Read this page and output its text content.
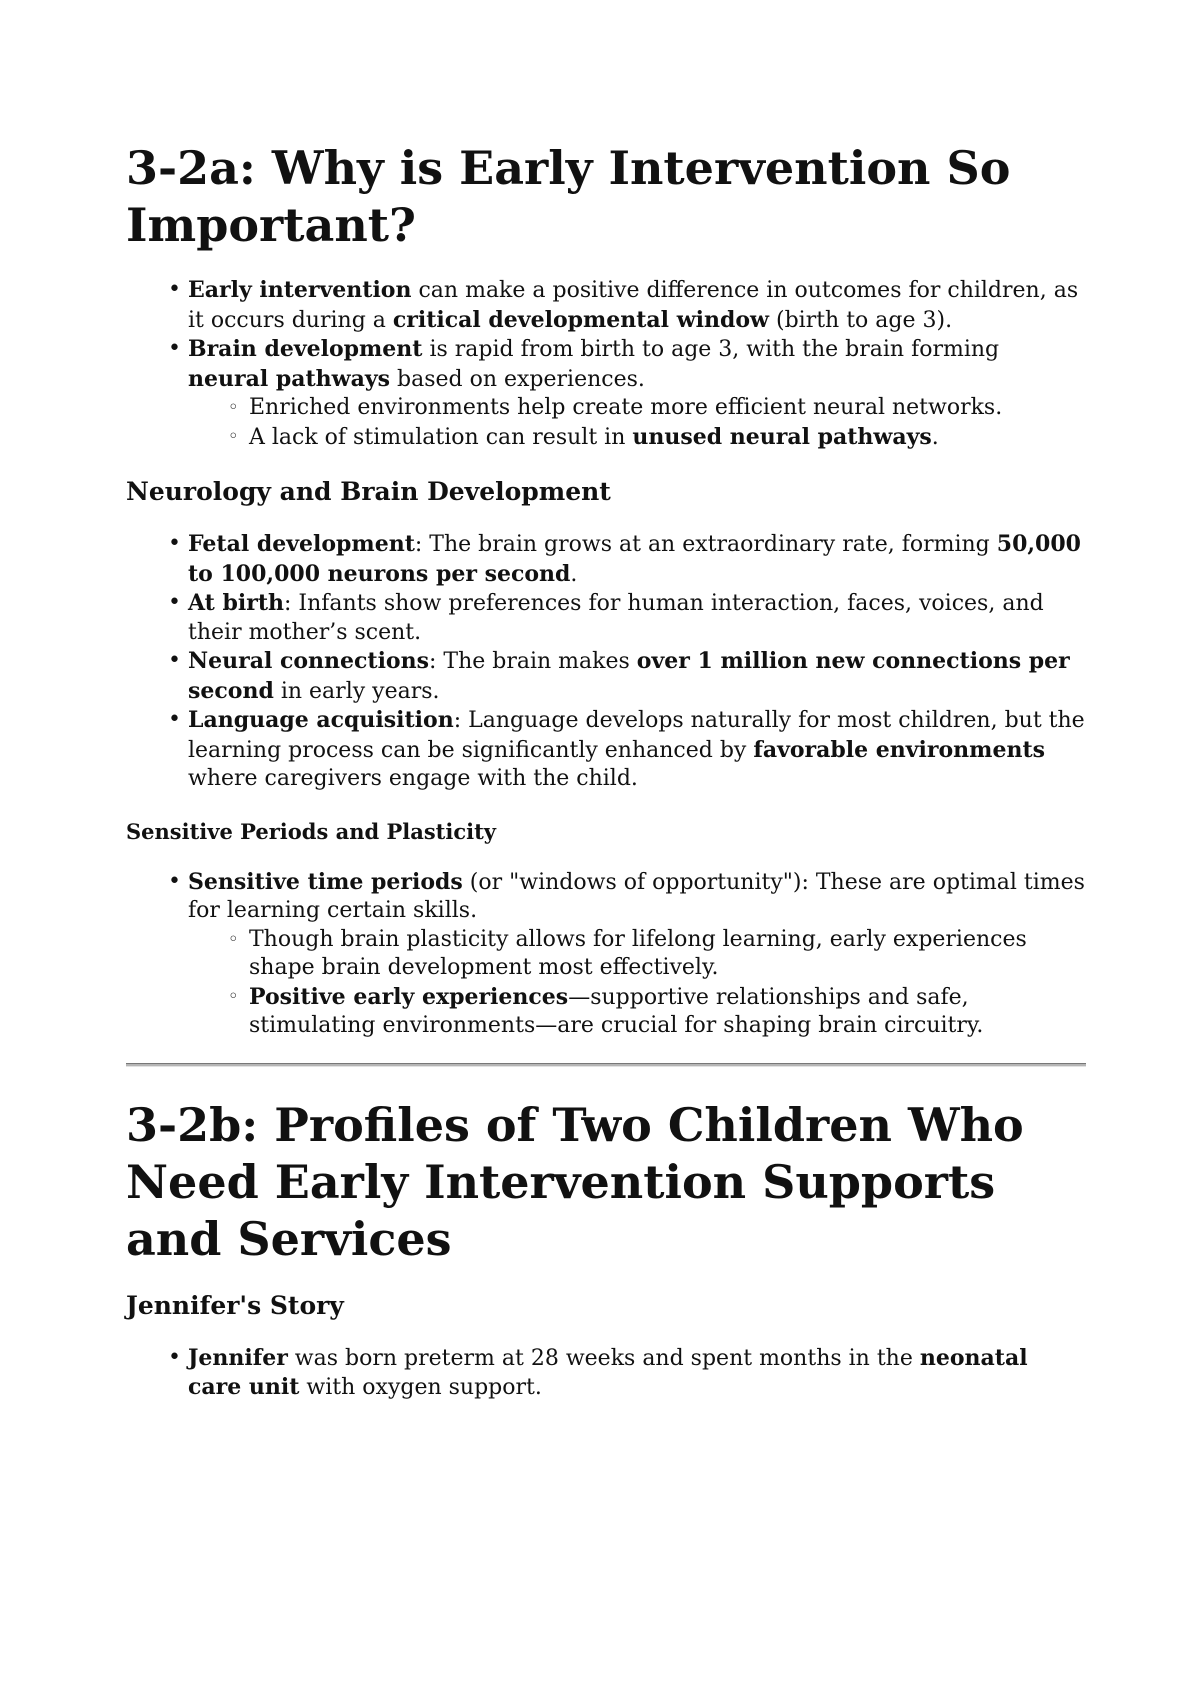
3-2a: Why is Early Intervention So Important?
• Early intervention can make a positive difference in outcomes for children, as it occurs during a critical developmental window (birth to age 3).
• Brain development is rapid from birth to age 3, with the brain forming neural pathways based on experiences.
◦ Enriched environments help create more efficient neural networks.
◦ A lack of stimulation can result in unused neural pathways.
Neurology and Brain Development
• Fetal development: The brain grows at an extraordinary rate, forming 50,000 to 100,000 neurons per second.
• At birth: Infants show preferences for human interaction, faces, voices, and their mother’s scent.
• Neural connections: The brain makes over 1 million new connections per second in early years.
• Language acquisition: Language develops naturally for most children, but the learning process can be significantly enhanced by favorable environments where caregivers engage with the child.
Sensitive Periods and Plasticity
• Sensitive time periods (or "windows of opportunity"): These are optimal times for learning certain skills.
◦ Though brain plasticity allows for lifelong learning, early experiences shape brain development most effectively.
◦ Positive early experiences—supportive relationships and safe, stimulating environments—are crucial for shaping brain circuitry.
3-2b: Profiles of Two Children Who Need Early Intervention Supports and Services
Jennifer's Story
• Jennifer was born preterm at 28 weeks and spent months in the neonatal care unit with oxygen support.
